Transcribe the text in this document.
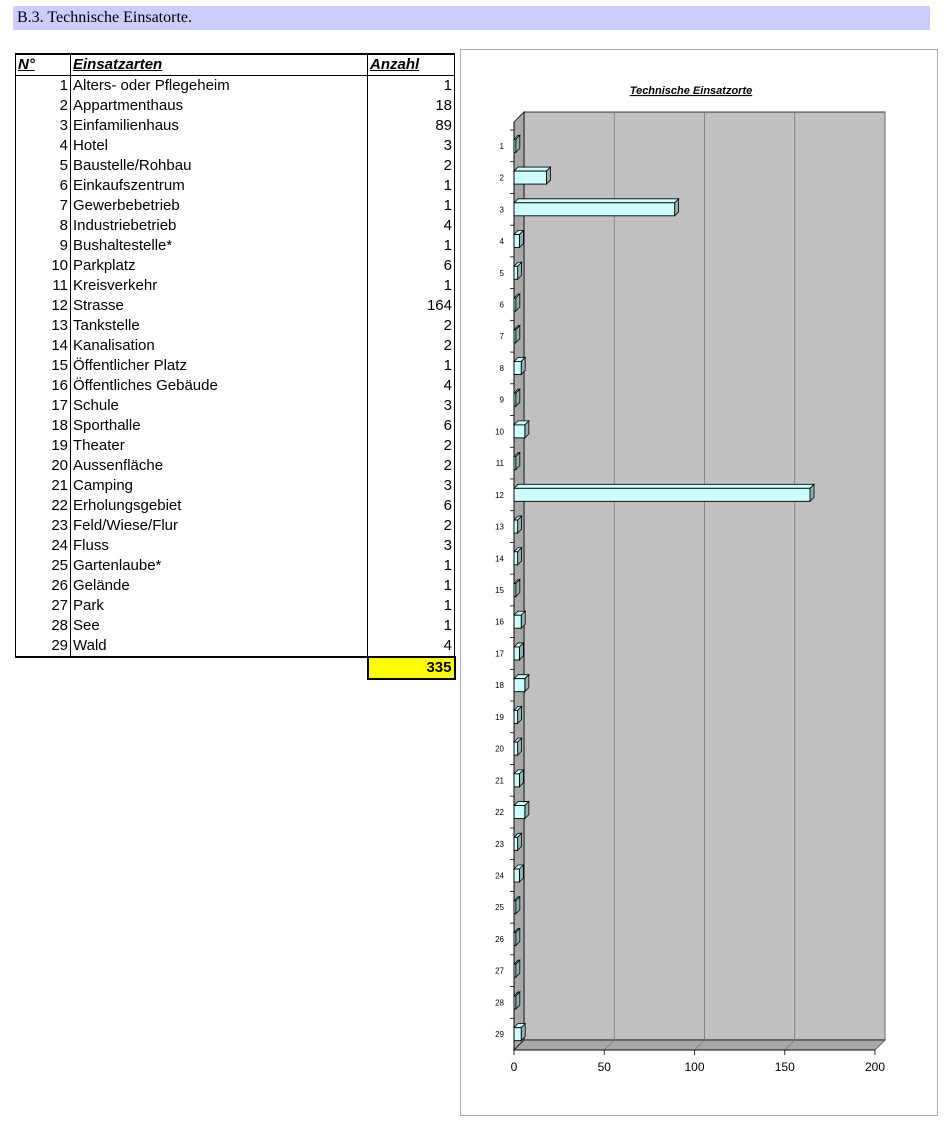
B.3. Technische Einsatorte.
N°	Einsatzarten	Anzahl
1	Alters- oder Pflegeheim	1
2	Appartmenthaus	18
3	Einfamilienhaus	89
4	Hotel	3
5	Baustelle/Rohbau	2
6	Einkaufszentrum	1
7	Gewerbebetrieb	1
8	Industriebetrieb	4
9	Bushaltestelle*	1
10	Parkplatz	6
11	Kreisverkehr	1
12	Strasse	164
13	Tankstelle	2
14	Kanalisation	2
15	Öffentlicher Platz	1
16	Öffentliches Gebäude	4
17	Schule	3
18	Sporthalle	6
19	Theater	2
20	Aussenfläche	2
21	Camping	3
22	Erholungsgebiet	6
23	Feld/Wiese/Flur	2
24	Fluss	3
25	Gartenlaube*	1
26	Gelände	1
27	Park	1
28	See	1
29	Wald	4
		335
Technische Einsatzorte
0	50	100	150	200
1
2
3
4
5
6
7
8
9
10
11
12
13
14
15
16
17
18
19
20
21
22
23
24
25
26
27
28
29
